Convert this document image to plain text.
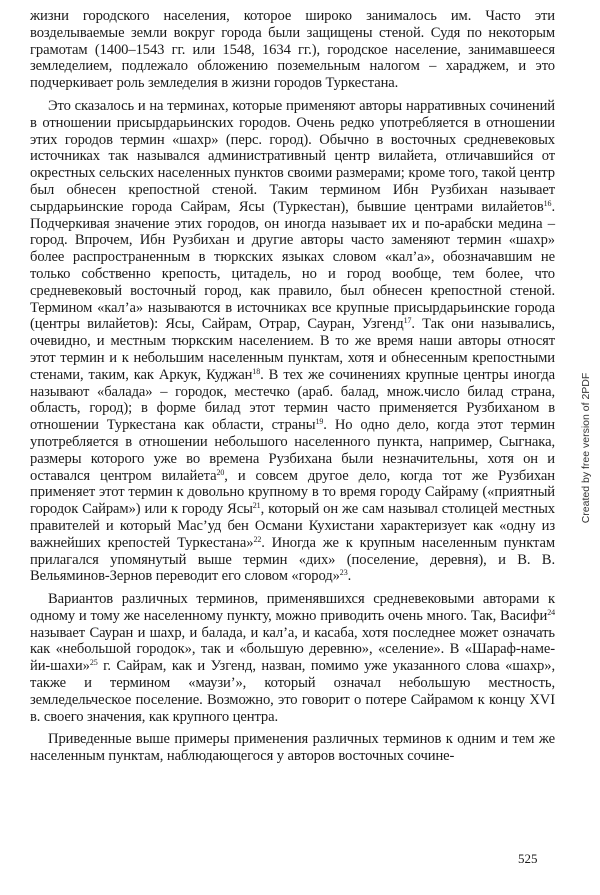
жизни городского населения, которое широко занималось им. Часто эти возделываемые земли вокруг города были защищены стеной. Судя по некоторым грамотам (1400–1543 гг. или 1548, 1634 гг.), городское население, занимавшееся земледелием, подлежало обложению поземельным налогом – хараджем, и это подчеркивает роль земледелия в жизни городов Туркестана.

Это сказалось и на терминах, которые применяют авторы нарративных сочинений в отношении присырдарьинских городов. Очень редко употребляется в отношении этих городов термин «шахр» (перс. город). Обычно в восточных средневековых источниках так назывался административный центр вилайета, отличавшийся от окрестных сельских населенных пунктов своими размерами; кроме того, такой центр был обнесен крепостной стеной. Таким термином Ибн Рузбихан называет сырдарьинские города Сайрам, Ясы (Туркестан), бывшие центрами вилайетов$^{16}$. Подчеркивая значение этих городов, он иногда называет их и по-арабски медина – город. Впрочем, Ибн Рузбихан и другие авторы часто заменяют термин «шахр» более распространенным в тюркских языках словом «кал’а», обозначавшим не только собственно крепость, цитадель, но и город вообще, тем более, что средневековый восточный город, как правило, был обнесен крепостной стеной. Термином «кал’а» называются в источниках все крупные присырдарьинские города (центры вилайетов): Ясы, Сайрам, Отрар, Сауран, Узгенд$^{17}$. Так они назывались, очевидно, и местным тюркским населением. В то же время наши авторы относят этот термин и к небольшим населенным пунктам, хотя и обнесенным крепостными стенами, таким, как Аркук, Куджан$^{18}$. В тех же сочинениях крупные центры иногда называют «балада» – городок, местечко (араб. балад, множ.число билад страна, область, город); в форме билад этот термин часто применяется Рузбиханом в отношении Туркестана как области, страны$^{19}$. Но одно дело, когда этот термин употребляется в отношении небольшого населенного пункта, например, Сыгнака, размеры которого уже во времена Рузбихана были незначительны, хотя он и оставался центром вилайета$^{20}$, и совсем другое дело, когда тот же Рузбихан применяет этот термин к довольно крупному в то время городу Сайраму («приятный городок Сайрам») или к городу Ясы$^{21}$, который он же сам называл столицей местных правителей и который Мас’уд бен Османи Кухистани характеризует как «одну из важнейших крепостей Туркестана»$^{22}$. Иногда же к крупным населенным пунктам прилагался упомянутый выше термин «дих» (поселение, деревня), и В. В. Вельяминов-Зернов переводит его словом «город»$^{23}$.

Вариантов различных терминов, применявшихся средневековыми авторами к одному и тому же населенному пункту, можно приводить очень много. Так, Васифи$^{24}$ называет Сауран и шахр, и балада, и кал’а, и касаба, хотя последнее может означать как «небольшой городок», так и «большую деревню», «селение». В «Шараф-наме-йи-шахи»$^{25}$ г. Сайрам, как и Узгенд, назван, помимо уже указанного слова «шахр», также и термином «маузи’», который означал небольшую местность, земледельческое поселение. Возможно, это говорит о потере Сайрамом к концу XVI в. своего значения, как крупного центра.

Приведенные выше примеры применения различных терминов к одним и тем же населенным пунктам, наблюдающегося у авторов восточных сочине-

525
Created by free version of 2PDF
